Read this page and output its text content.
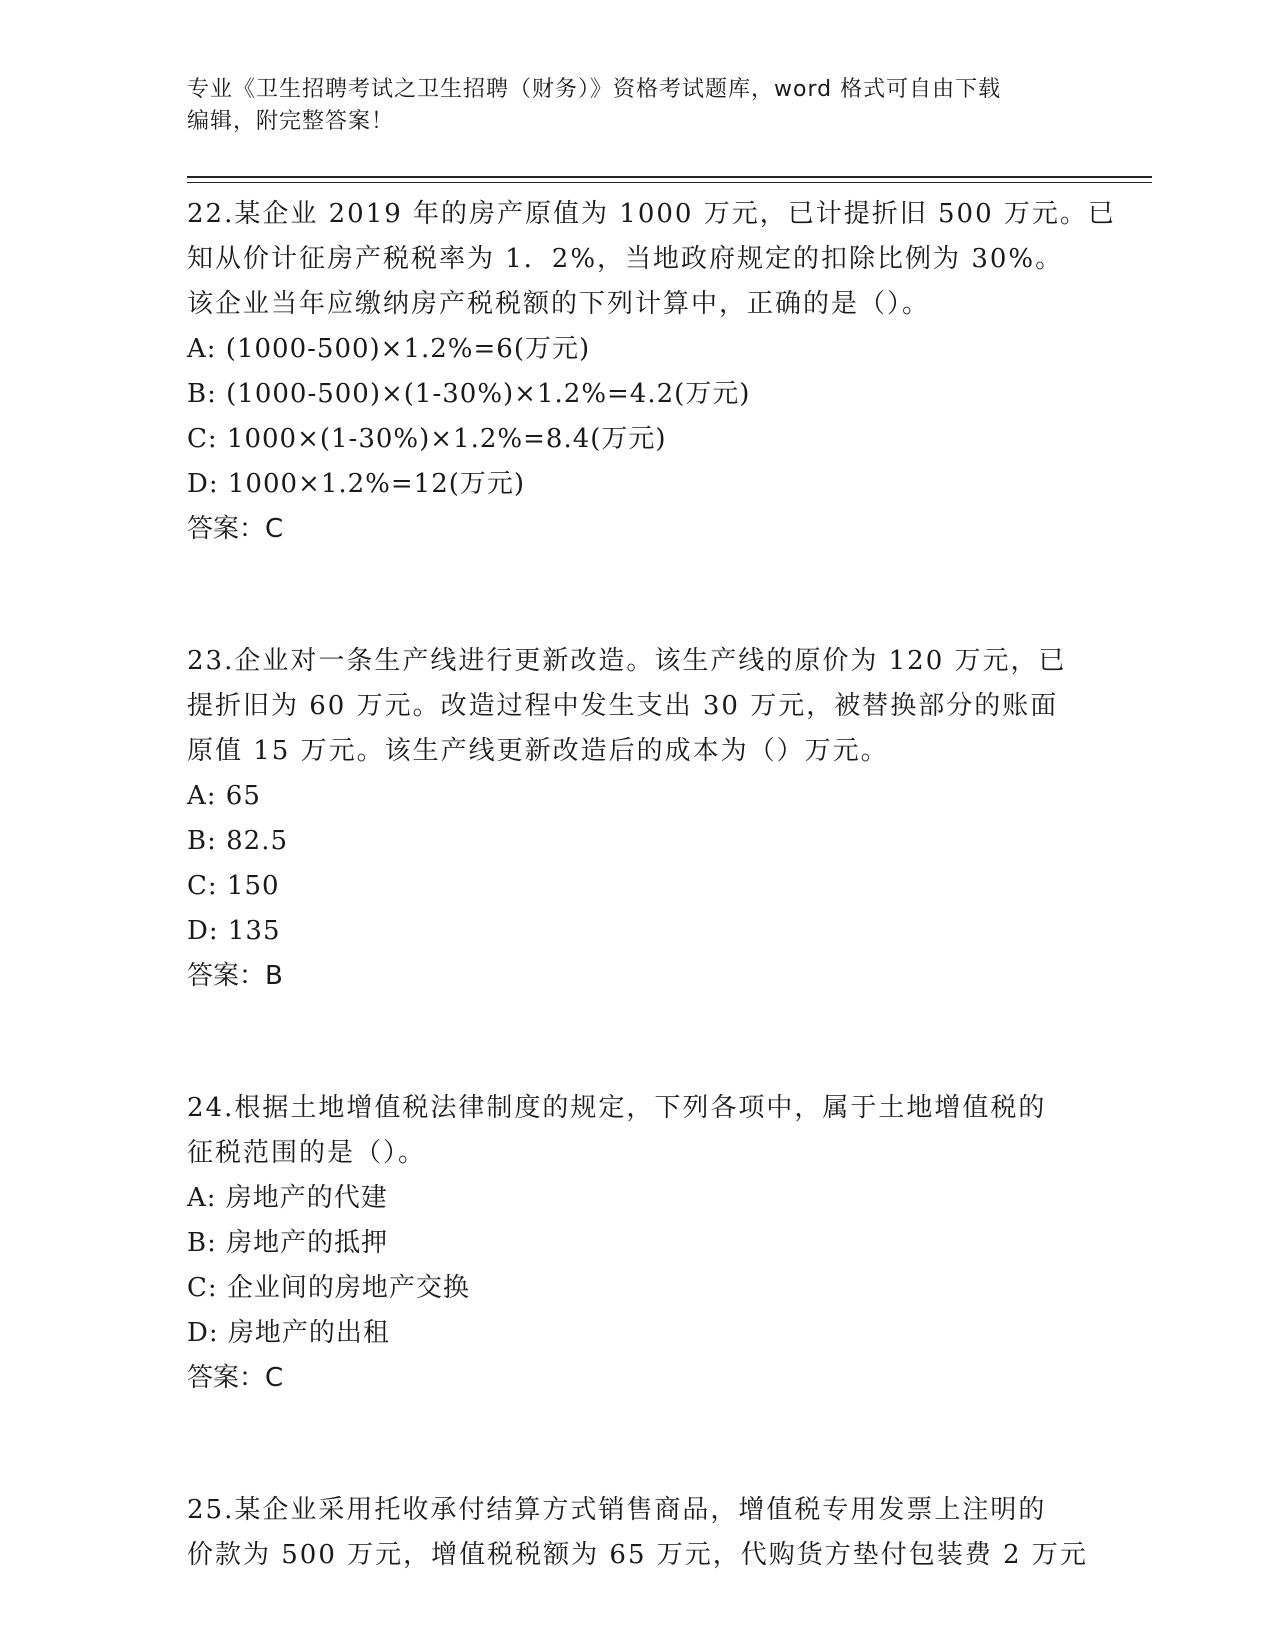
专业《卫生招聘考试之卫生招聘（财务）》资格考试题库，word 格式可自由下载
编辑，附完整答案！
22.某企业 2019 年的房产原值为 1000 万元，已计提折旧 500 万元。已
知从价计征房产税税率为 1．2%，当地政府规定的扣除比例为 30%。
该企业当年应缴纳房产税税额的下列计算中，正确的是（）。
A: (1000-500)×1.2%=6(万元)
B: (1000-500)×(1-30%)×1.2%=4.2(万元)
C: 1000×(1-30%)×1.2%=8.4(万元)
D: 1000×1.2%=12(万元)
答案：C
23.企业对一条生产线进行更新改造。该生产线的原价为 120 万元，已
提折旧为 60 万元。改造过程中发生支出 30 万元，被替换部分的账面
原值 15 万元。该生产线更新改造后的成本为（）万元。
A: 65
B: 82.5
C: 150
D: 135
答案：B
24.根据土地增值税法律制度的规定，下列各项中，属于土地增值税的
征税范围的是（）。
A: 房地产的代建
B: 房地产的抵押
C: 企业间的房地产交换
D: 房地产的出租
答案：C
25.某企业采用托收承付结算方式销售商品，增值税专用发票上注明的
价款为 500 万元，增值税税额为 65 万元，代购货方垫付包装费 2 万元
